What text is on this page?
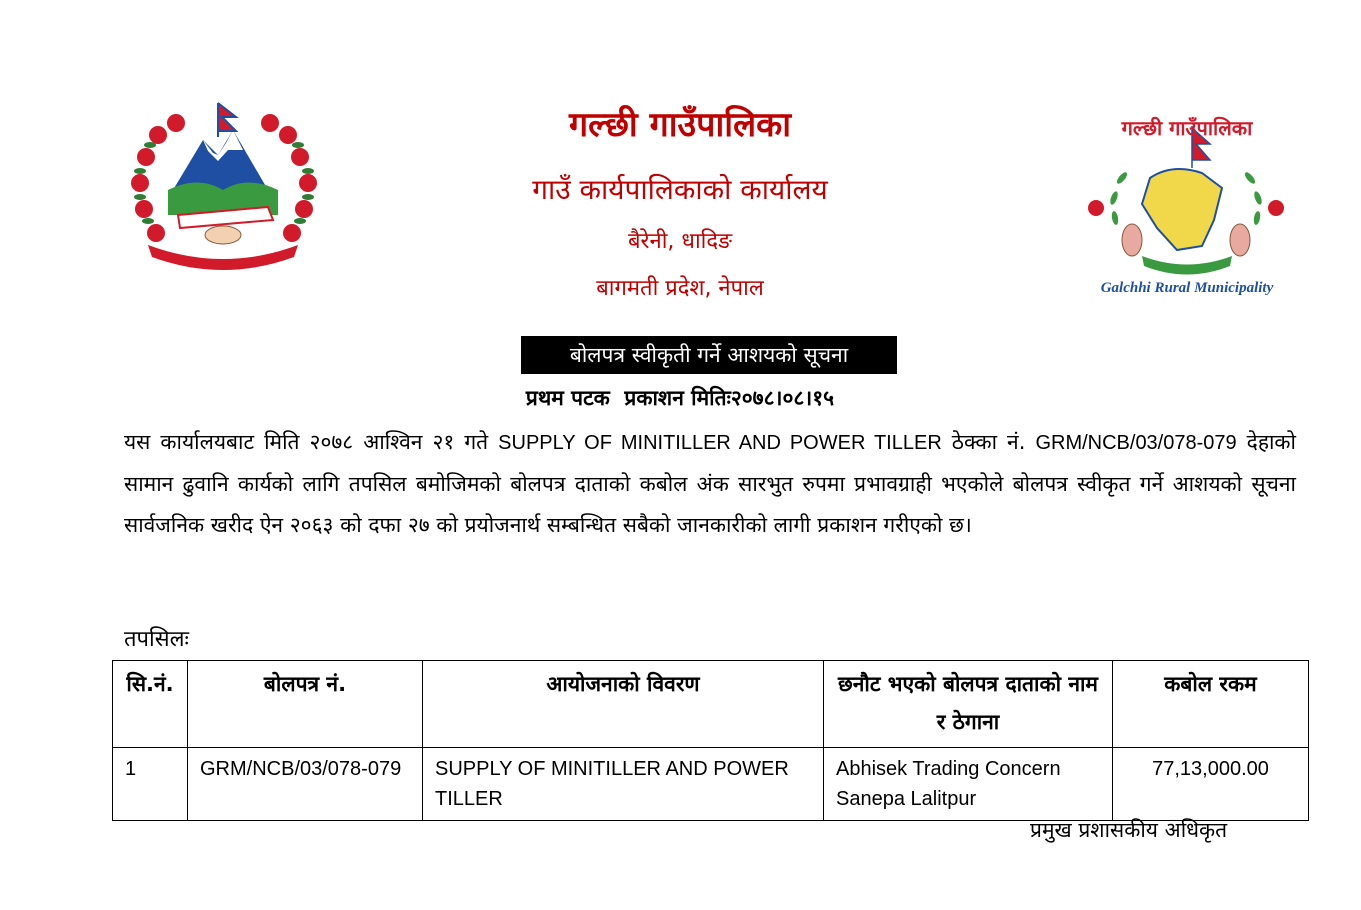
जननी जन्मभूमिश्च स्वर्गादपि गरीयसी
गल्छी गाउँपालिका
गाउँ कार्यपालिकाको कार्यालय
बैरेनी, धादिङ
बागमती प्रदेश, नेपाल
गल्छी गाउँपालिका
Galchhi Rural Municipality
बोलपत्र स्वीकृती गर्ने आशयको सूचना
प्रथम पटक  प्रकाशन मितिः२०७८।०८।१५
यस कार्यालयबाट मिति २०७८ आश्विन २१ गते SUPPLY OF MINITILLER AND POWER TILLER ठेक्का नं. GRM/NCB/03/078-079 देहाको सामान ढुवानि कार्यको लागि तपसिल बमोजिमको बोलपत्र दाताको कबोल अंक सारभुत रुपमा प्रभावग्राही भएकोले बोलपत्र स्वीकृत गर्ने आशयको सूचना सार्वजनिक खरीद ऐन २०६३ को दफा २७ को प्रयोजनार्थ सम्बन्धित सबैको जानकारीको लागी प्रकाशन गरीएको छ।
तपसिलः
सि.नं.	बोलपत्र नं.	आयोजनाको विवरण	छनौट भएको बोलपत्र दाताको नाम र ठेगाना	कबोल रकम
1	GRM/NCB/03/078-079	SUPPLY OF MINITILLER AND POWER TILLER	Abhisek Trading Concern Sanepa Lalitpur	77,13,000.00
प्रमुख प्रशासकीय अधिकृत
